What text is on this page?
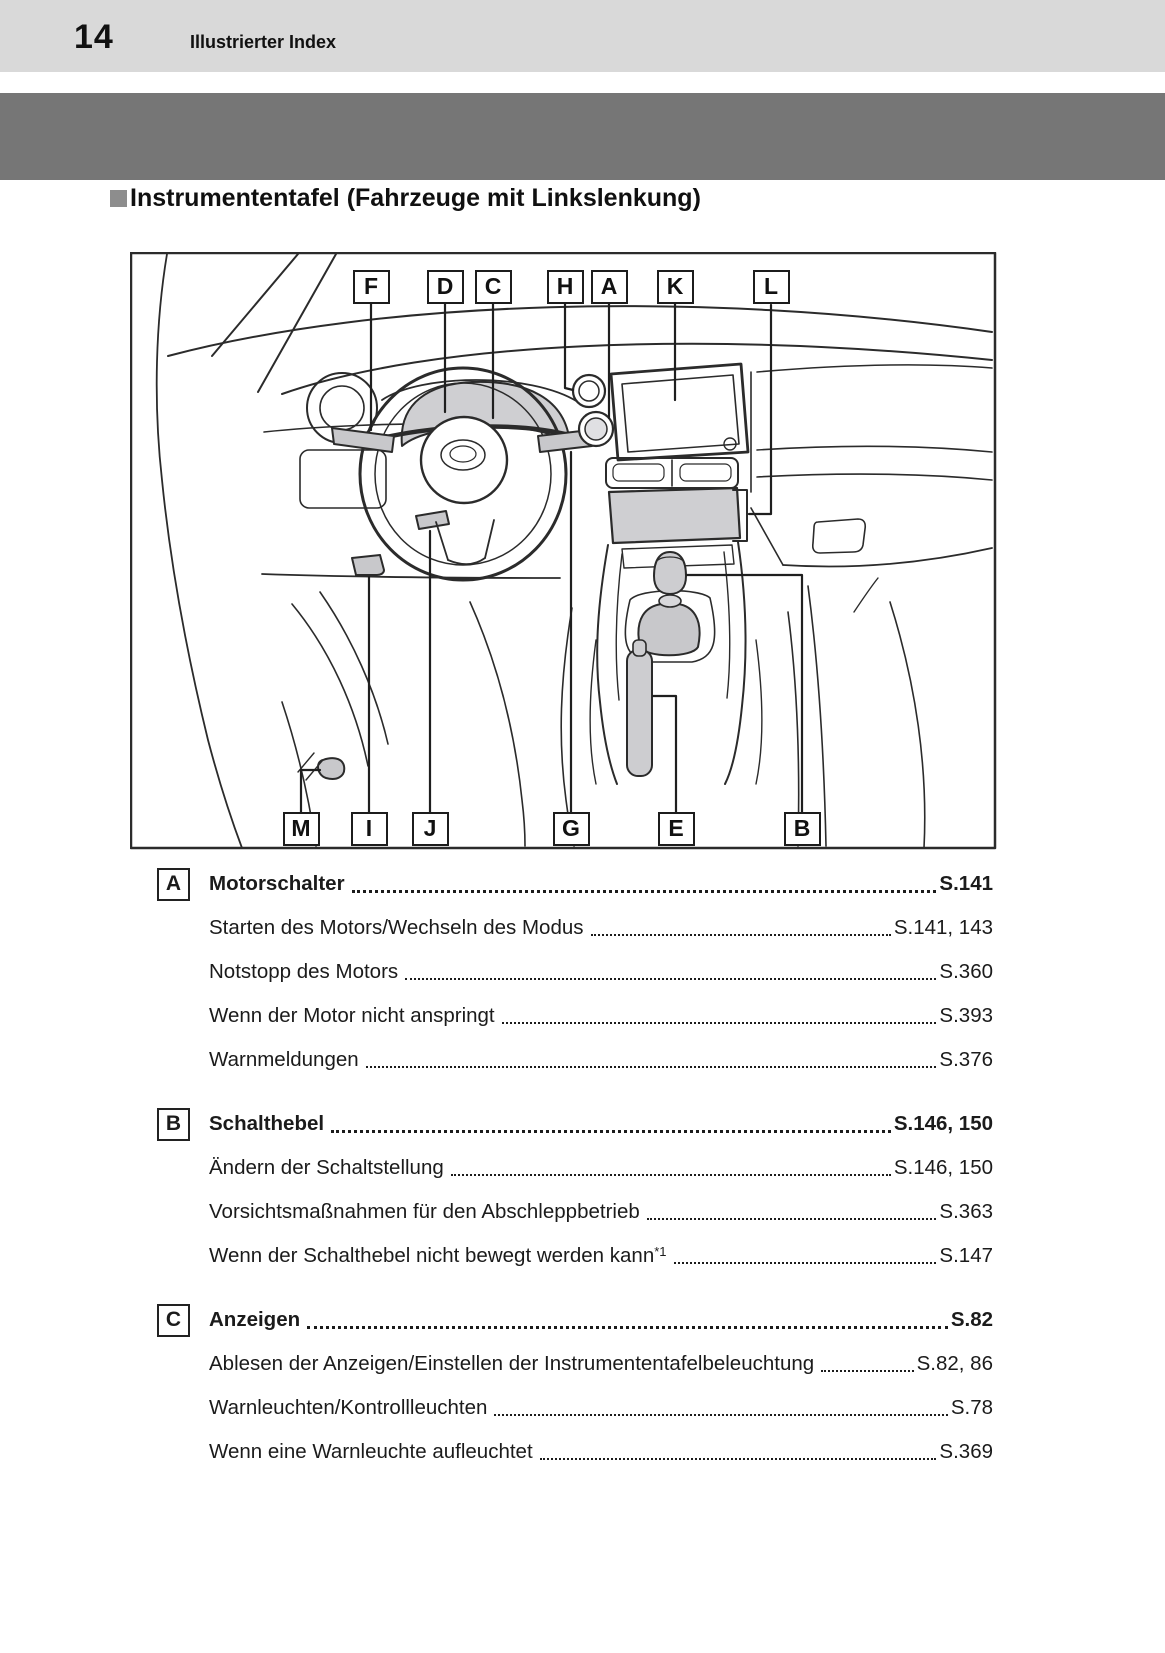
14	Illustrierter Index
Instrumententafel (Fahrzeuge mit Linkslenkung)
F	D	C	H	A	K	L
M	I	J	G	E	B
A	Motorschalter	S.141
Starten des Motors/Wechseln des Modus	S.141, 143
Notstopp des Motors	S.360
Wenn der Motor nicht anspringt	S.393
Warnmeldungen	S.376
B	Schalthebel	S.146, 150
Ändern der Schaltstellung	S.146, 150
Vorsichtsmaßnahmen für den Abschleppbetrieb	S.363
Wenn der Schalthebel nicht bewegt werden kann$^{*1}$	S.147
C	Anzeigen	S.82
Ablesen der Anzeigen/Einstellen der Instrumententafelbeleuchtung	S.82, 86
Warnleuchten/Kontrollleuchten	S.78
Wenn eine Warnleuchte aufleuchtet	S.369
